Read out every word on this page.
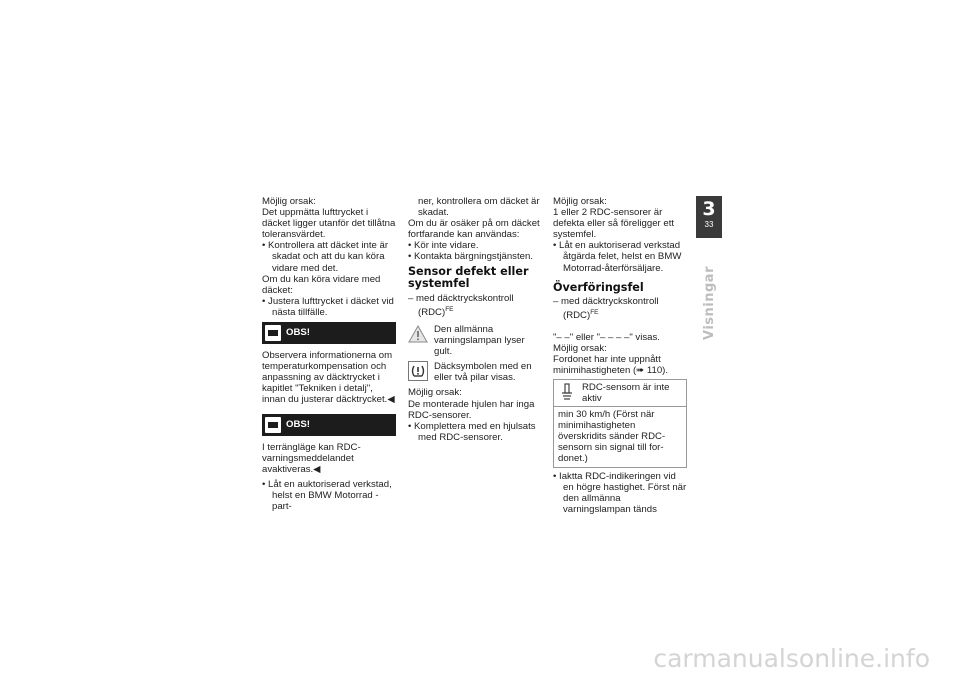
Möjlig orsak:

Det uppmätta lufttrycket i däcket ligger utanför det tillåtna toleransvärdet.

• Kontrollera att däcket inte är skadat och att du kan köra vidare med det.

Om du kan köra vidare med däcket:

• Justera lufttrycket i däcket vid nästa tillfälle.

OBS!

Observera informationerna om temperaturkompensation och anpassning av däcktrycket i kapitlet "Tekniken i detalj", innan du justerar däcktrycket.◀

OBS!

I terrängläge kan RDC-varningsmeddelandet avaktiveras.◀

• Låt en auktoriserad verkstad, helst en BMW Motorrad -part-

ner, kontrollera om däcket är skadat.

Om du är osäker på om däcket fortfarande kan användas:

• Kör inte vidare.

• Kontakta bärgningstjänsten.

Sensor defekt eller systemfel

– med däcktryckskontroll (RDC)$^{FE}$

Den allmänna varningslampan lyser gult.
Däcksymbolen med en eller två pilar visas.

Möjlig orsak:

De monterade hjulen har inga RDC-sensorer.

• Komplettera med en hjulsats med RDC-sensorer.

Möjlig orsak:

1 eller 2 RDC-sensorer är defekta eller så föreligger ett systemfel.

• Låt en auktoriserad verkstad åtgärda felet, helst en BMW Motorrad-återförsäljare.

Överföringsfel

– med däcktryckskontroll (RDC)$^{FE}$

"– –" eller "– – – –" visas.

Möjlig orsak:

Fordonet har inte uppnått minimihastigheten (➠ 110).

RDC-sensorn är inte aktiv
min 30 km/h (Först när minimihastigheten överskridits sänder RDC-sensorn sin signal till fordonet.)

• Iaktta RDC-indikeringen vid en högre hastighet. Först när den allmänna varningslampan tänds

3
33
Visningar
carmanualsonline.info
